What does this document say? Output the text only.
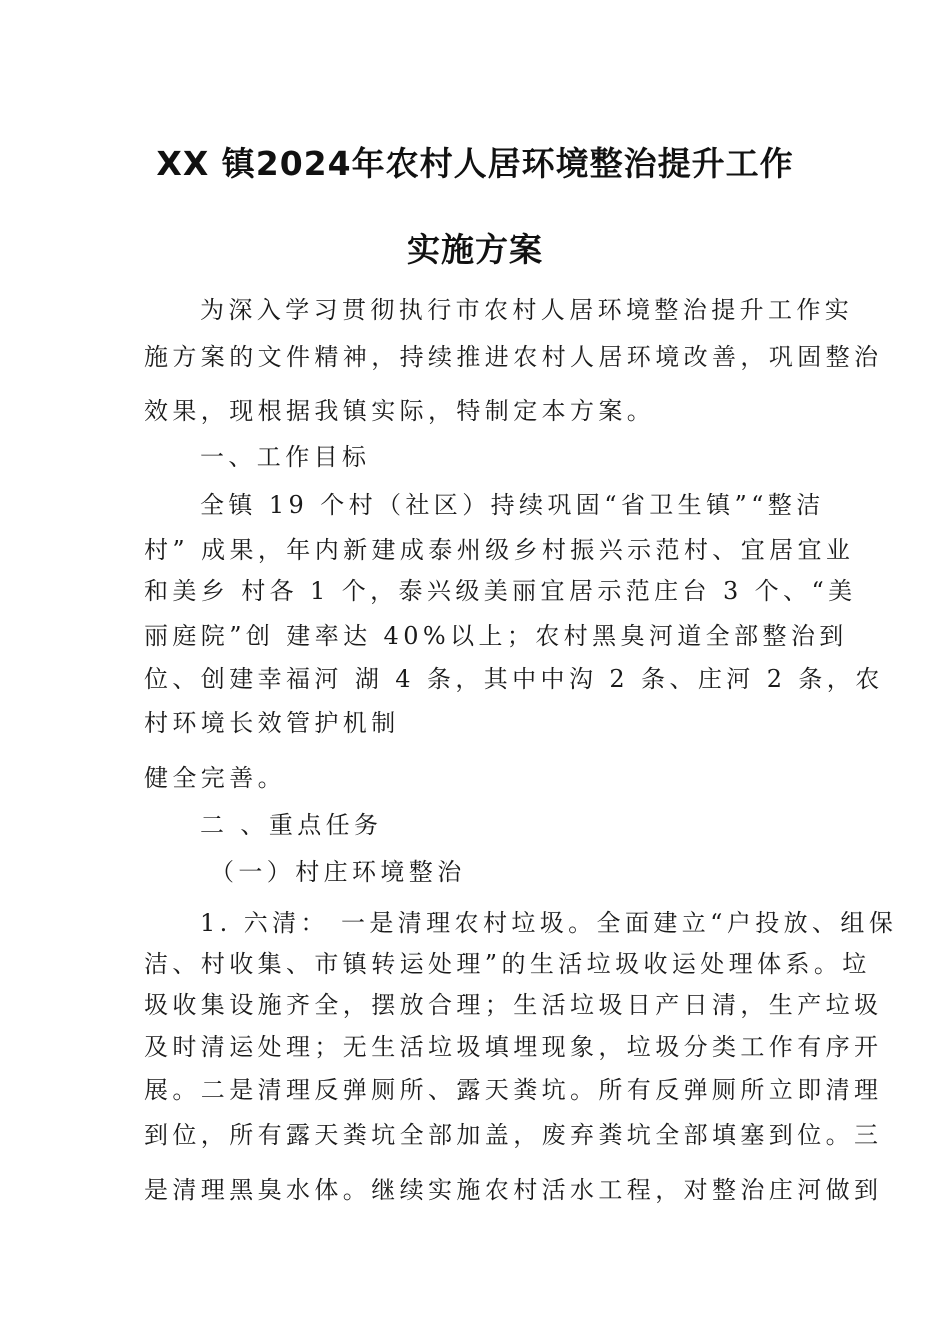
XX 镇2024年农村人居环境整治提升工作
实施方案
为深入学习贯彻执行市农村人居环境整治提升工作实
施方案的文件精神，持续推进农村人居环境改善，巩固整治
效果，现根据我镇实际，特制定本方案。
一、工作目标
全镇 19 个村（社区）持续巩固“省卫生镇”“整洁
村” 成果，年内新建成泰州级乡村振兴示范村、宜居宜业
和美乡 村各 1 个，泰兴级美丽宜居示范庄台 3 个、“美
丽庭院”创 建率达 40%以上；农村黑臭河道全部整治到
位、创建幸福河 湖 4 条，其中中沟 2 条、庄河 2 条，农
村环境长效管护机制
健全完善。
二 、重点任务
（一）村庄环境整治
1. 六清： 一是清理农村垃圾。全面建立“户投放、组保
洁、村收集、市镇转运处理”的生活垃圾收运处理体系。垃
圾收集设施齐全，摆放合理；生活垃圾日产日清，生产垃圾
及时清运处理；无生活垃圾填埋现象，垃圾分类工作有序开
展。二是清理反弹厕所、露天粪坑。所有反弹厕所立即清理
到位，所有露天粪坑全部加盖，废弃粪坑全部填塞到位。三
是清理黑臭水体。继续实施农村活水工程，对整治庄河做到
